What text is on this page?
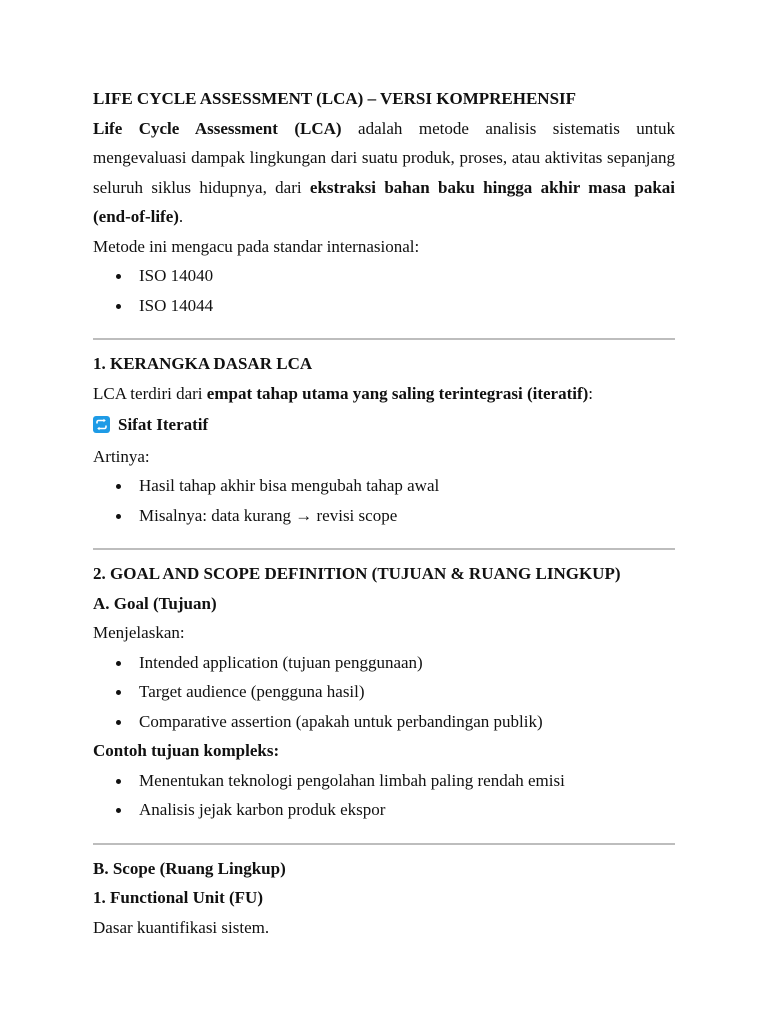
LIFE CYCLE ASSESSMENT (LCA) – VERSI KOMPREHENSIF

Life Cycle Assessment (LCA) adalah metode analisis sistematis untuk mengevaluasi dampak lingkungan dari suatu produk, proses, atau aktivitas sepanjang seluruh siklus hidupnya, dari ekstraksi bahan baku hingga akhir masa pakai (end-of-life).

Metode ini mengacu pada standar internasional:

ISO 14040
ISO 14044

1. KERANGKA DASAR LCA

LCA terdiri dari empat tahap utama yang saling terintegrasi (iteratif):

Sifat Iteratif

Artinya:

Hasil tahap akhir bisa mengubah tahap awal
Misalnya: data kurang → revisi scope

2. GOAL AND SCOPE DEFINITION (TUJUAN & RUANG LINGKUP)

A. Goal (Tujuan)

Menjelaskan:

Intended application (tujuan penggunaan)
Target audience (pengguna hasil)
Comparative assertion (apakah untuk perbandingan publik)

Contoh tujuan kompleks:

Menentukan teknologi pengolahan limbah paling rendah emisi
Analisis jejak karbon produk ekspor

B. Scope (Ruang Lingkup)

1. Functional Unit (FU)

Dasar kuantifikasi sistem.
